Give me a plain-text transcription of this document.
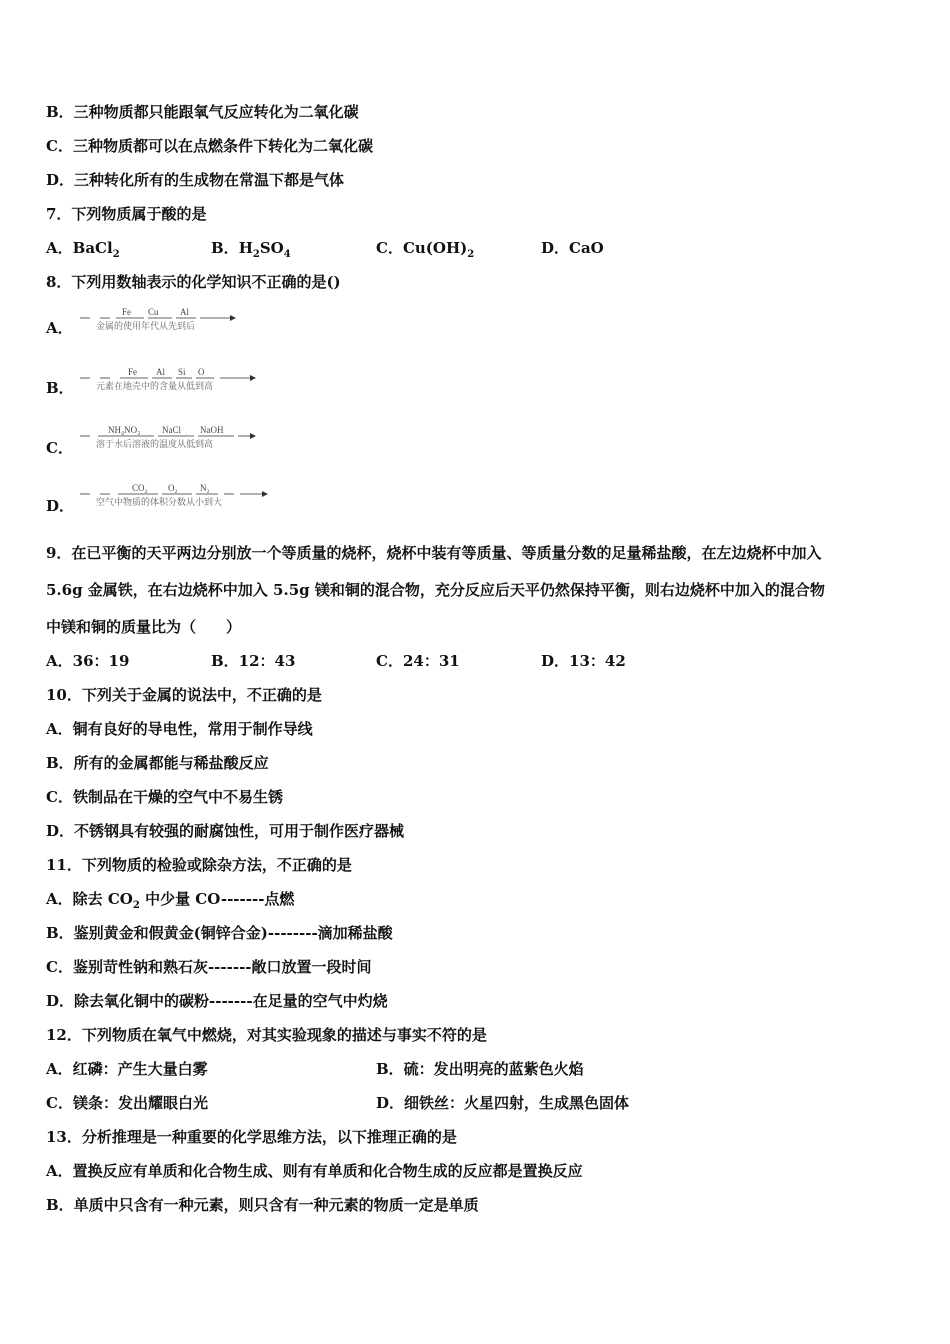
B．三种物质都只能跟氧气反应转化为二氧化碳
C．三种物质都可以在点燃条件下转化为二氧化碳
D．三种转化所有的生成物在常温下都是气体
7．下列物质属于酸的是
A．BaCl$_2$	B．$H_2SO_4$	C．$Cu(OH)_2$	D．CaO
8．下列用数轴表示的化学知识不正确的是()
A．
Fe Cu Al
金属的使用年代从先到后
B．
Fe Al Si O
元素在地壳中的含量从低到高
C．
NH₄NO₃ NaCl NaOH
溶于水后溶液的温度从低到高
D．
CO₂ O₂ N₂
空气中物质的体积分数从小到大
9．在已平衡的天平两边分别放一个等质量的烧杯，烧杯中装有等质量、等质量分数的足量稀盐酸，在左边烧杯中加入
5.6g 金属铁，在右边烧杯中加入 5.5g 镁和铜的混合物，充分反应后天平仍然保持平衡，则右边烧杯中加入的混合物
中镁和铜的质量比为（　　）
A．36：19	B．12：43	C．24：31	D．13：42
10．下列关于金属的说法中，不正确的是
A．铜有良好的导电性，常用于制作导线
B．所有的金属都能与稀盐酸反应
C．铁制品在干燥的空气中不易生锈
D．不锈钢具有较强的耐腐蚀性，可用于制作医疗器械
11．下列物质的检验或除杂方法，不正确的是
A．除去 $CO_2$ 中少量 CO-------点燃
B．鉴别黄金和假黄金(铜锌合金)--------滴加稀盐酸
C．鉴别苛性钠和熟石灰-------敞口放置一段时间
D．除去氧化铜中的碳粉-------在足量的空气中灼烧
12．下列物质在氧气中燃烧，对其实验现象的描述与事实不符的是
A．红磷：产生大量白雾	B．硫：发出明亮的蓝紫色火焰
C．镁条：发出耀眼白光	D．细铁丝：火星四射，生成黑色固体
13．分析推理是一种重要的化学思维方法，以下推理正确的是
A．置换反应有单质和化合物生成、则有有单质和化合物生成的反应都是置换反应
B．单质中只含有一种元素，则只含有一种元素的物质一定是单质
